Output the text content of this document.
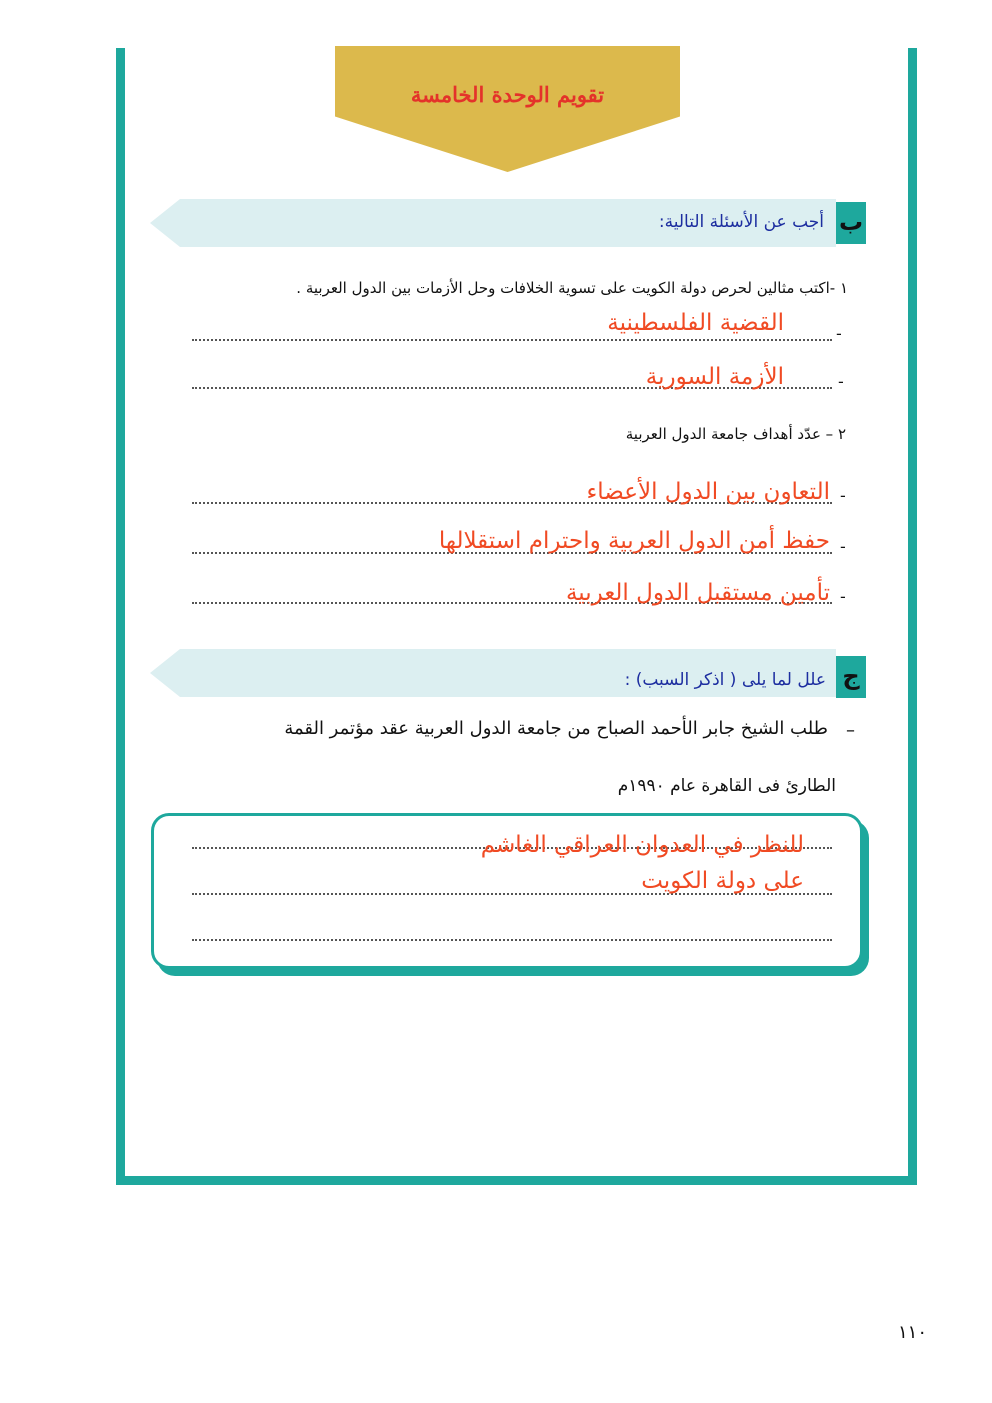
تقويم الوحدة الخامسة
ب
أجب عن الأسئلة التالية:
١ -اكتب مثالين لحرص دولة الكويت على تسوية الخلافات وحل الأزمات بين الدول العربية .
-
القضية الفلسطينية
-
الأزمة السورية
٢ – عدّد أهداف جامعة الدول العربية
-
التعاون بين الدول الأعضاء
-
حفظ أمن الدول العربية واحترام استقلالها
-
تأمين مستقبل الدول العربية
ج
علل لما يلى ( اذكر السبب) :
–
طلب الشيخ جابر الأحمد الصباح من جامعة الدول العربية عقد مؤتمر القمة
الطارئ فى القاهرة عام ١٩٩٠م
للنظر في العدوان العراقي الغاشم
على دولة الكويت
١١٠
